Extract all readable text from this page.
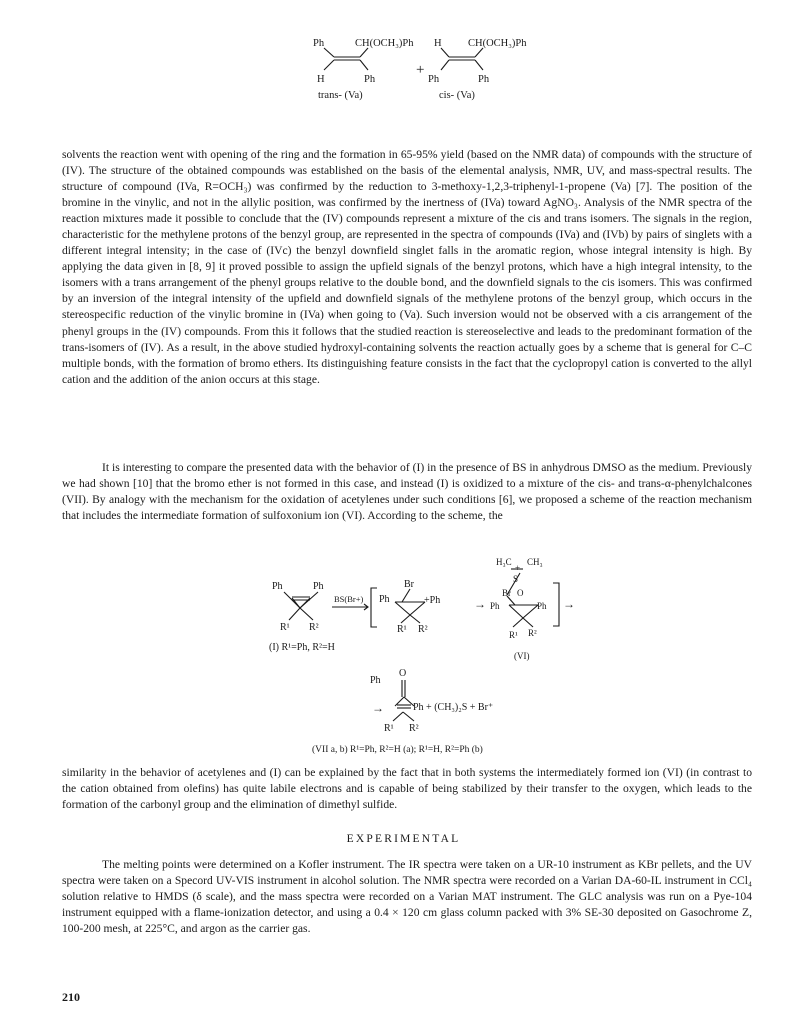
Ph	CH(OCH₃)Ph
H	Ph
trans- (Va)
+
H	CH(OCH₃)Ph
Ph	Ph
cis- (Va)

solvents the reaction went with opening of the ring and the formation in 65-95% yield (based on the NMR data) of compounds with the structure of (IV). The structure of the obtained compounds was established on the basis of the elemental analysis, NMR, UV, and mass-spectral results. The structure of compound (IVa, R=OCH₃) was confirmed by the reduction to 3-methoxy-1,2,3-triphenyl-1-propene (Va) [7]. The position of the bromine in the vinylic, and not in the allylic position, was confirmed by the inertness of (IVa) toward AgNO₃. Analysis of the NMR spectra of the reaction mixtures made it possible to conclude that the (IV) compounds represent a mixture of the cis and trans isomers. The signals in the region, characteristic for the methylene protons of the benzyl group, are represented in the spectra of compounds (IVa) and (IVb) by pairs of singlets with a different integral intensity; in the case of (IVc) the benzyl downfield singlet falls in the aromatic region, whose integral intensity is high. By applying the data given in [8, 9] it proved possible to assign the upfield signals of the benzyl protons, which have a high integral intensity, to the isomers with a trans arrangement of the phenyl groups relative to the double bond, and the downfield signals to the cis isomers. This was confirmed by an inversion of the integral intensity of the upfield and downfield signals of the methylene protons of the benzyl group, which occurs in the stereospecific reduction of the vinylic bromine in (IVa) when going to (Va). Such inversion would not be observed with a cis arrangement of the phenyl groups in the (IV) compounds. From this it follows that the studied reaction is stereoselective and leads to the predominant formation of the trans-isomers of (IV). As a result, in the above studied hydroxyl-containing solvents the reaction actually goes by a scheme that is general for C–C multiple bonds, with the formation of bromo ethers. Its distinguishing feature consists in the fact that the cyclopropyl cation is converted to the allyl cation and the addition of the anion occurs at this stage.

It is interesting to compare the presented data with the behavior of (I) in the presence of BS in anhydrous DMSO as the medium. Previously we had shown [10] that the bromo ether is not formed in this case, and instead (I) is oxidized to a mixture of the cis- and trans-α-phenylchalcones (VII). By analogy with the mechanism for the oxidation of acetylenes under such conditions [6], we proposed a scheme of the reaction mechanism that includes the intermediate formation of sulfoxonium ion (VI). According to the scheme, the

Ph	Ph
R¹ R²
(I) R¹=Ph, R²=H
BS(Br+)
Br
Ph	+Ph
R¹ R²
→
H₃C CH₃
+
S
Br O
Ph	Ph
R¹ R²
(VI)
→
→
O
Ph
Ph + (CH₃)₂S + Br⁺
R¹ R²
(VII a, b) R¹=Ph, R²=H (a); R¹=H, R²=Ph (b)

similarity in the behavior of acetylenes and (I) can be explained by the fact that in both systems the intermediately formed ion (VI) (in contrast to the cation obtained from olefins) has quite labile electrons and is capable of being stabilized by their transfer to the oxygen, which leads to the formation of the carbonyl group and the elimination of dimethyl sulfide.

EXPERIMENTAL

The melting points were determined on a Kofler instrument. The IR spectra were taken on a UR-10 instrument as KBr pellets, and the UV spectra were taken on a Specord UV-VIS instrument in alcohol solution. The NMR spectra were recorded on a Varian DA-60-IL instrument in CCl₄ solution relative to HMDS (δ scale), and the mass spectra were recorded on a Varian MAT instrument. The GLC analysis was run on a Pye-104 instrument equipped with a flame-ionization detector, and using a 0.4 × 120 cm glass column packed with 3% SE-30 deposited on Gasochrome Z, 100-200 mesh, at 225°C, and argon as the carrier gas.

210
